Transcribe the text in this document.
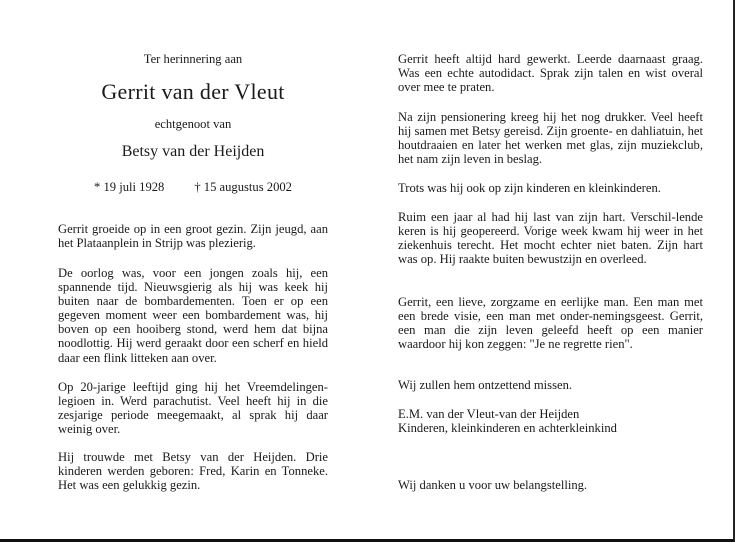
Ter herinnering aan
Gerrit van der Vleut
echtgenoot van
Betsy van der Heijden
* 19 juli 1928 † 15 augustus 2002

Gerrit groeide op in een groot gezin. Zijn jeugd, aan het Plataanplein in Strijp was plezierig.

De oorlog was, voor een jongen zoals hij, een spannende tijd. Nieuwsgierig als hij was keek hij buiten naar de bombardementen. Toen er op een gegeven moment weer een bombardement was, hij boven op een hooiberg stond, werd hem dat bijna noodlottig. Hij werd geraakt door een scherf en hield daar een flink litteken aan over.

Op 20-jarige leeftijd ging hij het Vreemdelingen-legioen in. Werd parachutist. Veel heeft hij in die zesjarige periode meegemaakt, al sprak hij daar weinig over.

Hij trouwde met Betsy van der Heijden. Drie kinderen werden geboren: Fred, Karin en Tonneke. Het was een gelukkig gezin.

Gerrit heeft altijd hard gewerkt. Leerde daarnaast graag. Was een echte autodidact. Sprak zijn talen en wist overal over mee te praten.

Na zijn pensionering kreeg hij het nog drukker. Veel heeft hij samen met Betsy gereisd. Zijn groente- en dahliatuin, het houtdraaien en later het werken met glas, zijn muziekclub, het nam zijn leven in beslag.

Trots was hij ook op zijn kinderen en kleinkinderen.

Ruim een jaar al had hij last van zijn hart. Verschil-lende keren is hij geopereerd. Vorige week kwam hij weer in het ziekenhuis terecht. Het mocht echter niet baten. Zijn hart was op. Hij raakte buiten bewustzijn en overleed.

Gerrit, een lieve, zorgzame en eerlijke man. Een man met een brede visie, een man met onder-nemingsgeest. Gerrit, een man die zijn leven geleefd heeft op een manier waardoor hij kon zeggen: "Je ne regrette rien".

Wij zullen hem ontzettend missen.

E.M. van der Vleut-van der Heijden
Kinderen, kleinkinderen en achterkleinkind

Wij danken u voor uw belangstelling.
